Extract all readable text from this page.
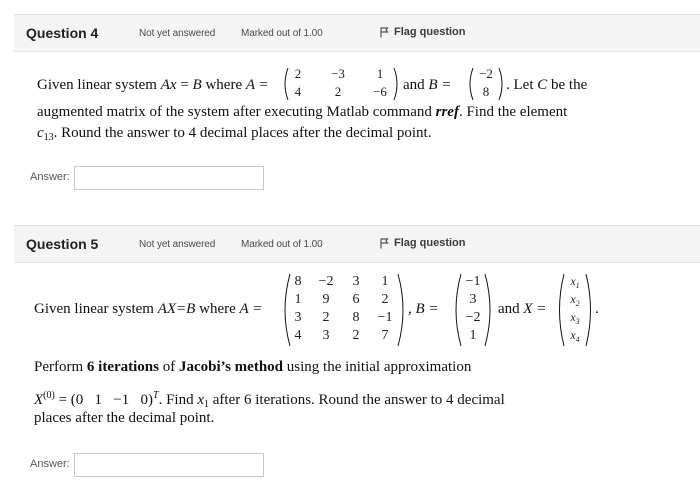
Question 4	Not yet answered	Marked out of 1.00	Flag question
Given linear system Ax = B where A =
2	−3	1
4	2	−6	and B =
−2
8	. Let C be the
augmented matrix of the system after executing Matlab command rref. Find the element
$c_{13}$. Round the answer to 4 decimal places after the decimal point.
Answer:
Question 5	Not yet answered	Marked out of 1.00	Flag question
Given linear system AX=B where A =
8	−2	3	1
1	9	6	2
3	2	8	−1
4	3	2	7
, B =
−1
3
−2
1
and X =
$x_1$
$x_2$
$x_3$
$x_4$
.
Perform 6 iterations of Jacobi’s method using the initial approximation
$X^{(0)} = (0$   1   −1   0)$^T$. Find $x_1$ after 6 iterations. Round the answer to 4 decimal
places after the decimal point.
Answer:
